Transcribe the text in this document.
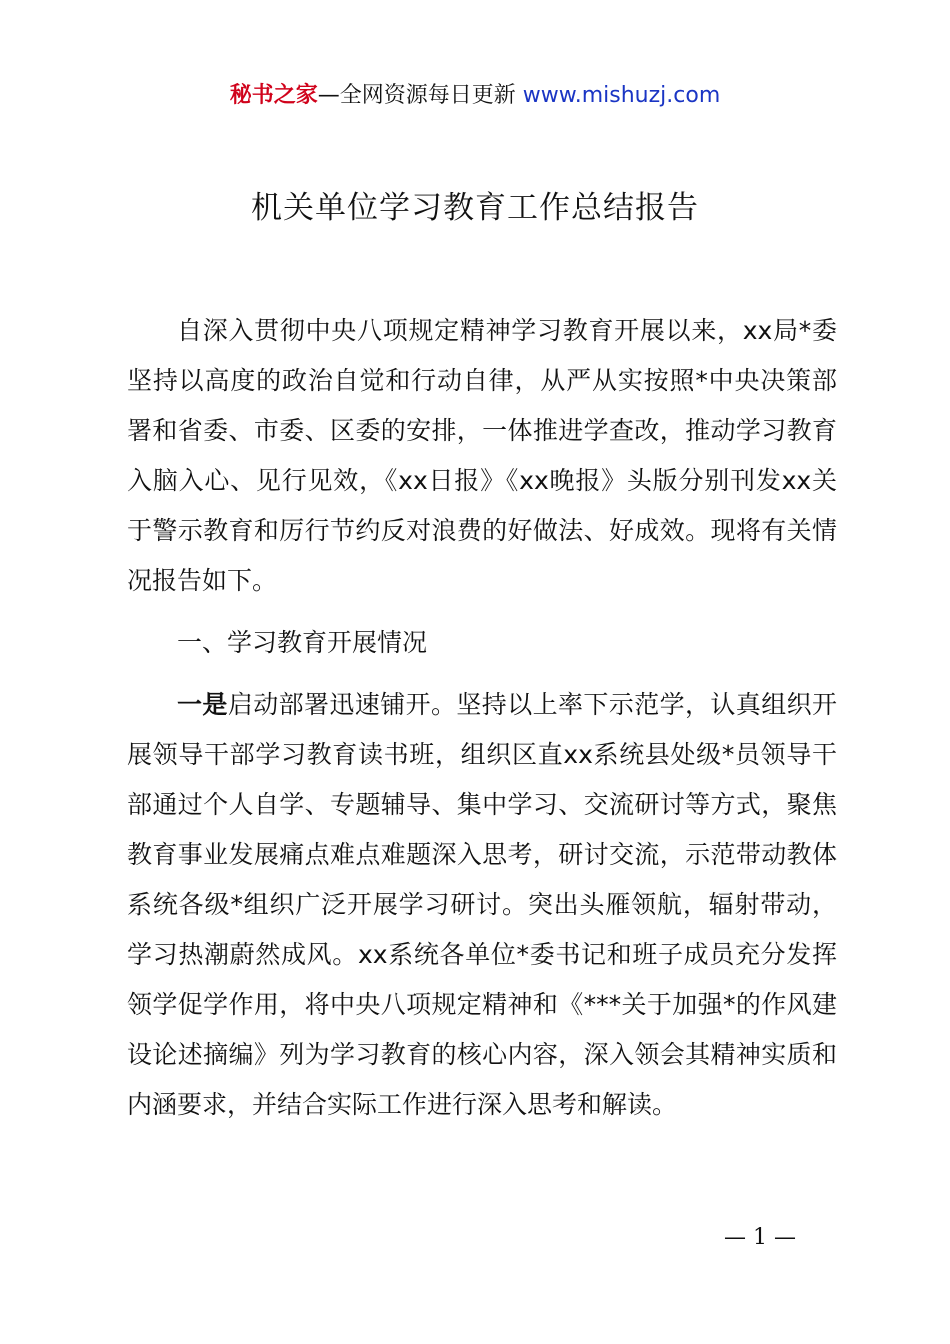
秘书之家—全网资源每日更新 www.mishuzj.com
机关单位学习教育工作总结报告

自深入贯彻中央八项规定精神学习教育开展以来，xx局*委坚持以高度的政治自觉和行动自律，从严从实按照*中央决策部署和省委、市委、区委的安排，一体推进学查改，推动学习教育入脑入心、见行见效，《xx日报》《xx晚报》头版分别刊发xx关于警示教育和厉行节约反对浪费的好做法、好成效。现将有关情况报告如下。

一、学习教育开展情况

一是启动部署迅速铺开。坚持以上率下示范学，认真组织开展领导干部学习教育读书班，组织区直xx系统县处级*员领导干部通过个人自学、专题辅导、集中学习、交流研讨等方式，聚焦教育事业发展痛点难点难题深入思考，研讨交流，示范带动教体系统各级*组织广泛开展学习研讨。突出头雁领航，辐射带动，学习热潮蔚然成风。xx系统各单位*委书记和班子成员充分发挥领学促学作用，将中央八项规定精神和《***关于加强*的作风建设论述摘编》列为学习教育的核心内容，深入领会其精神实质和内涵要求，并结合实际工作进行深入思考和解读。

— 1 —
